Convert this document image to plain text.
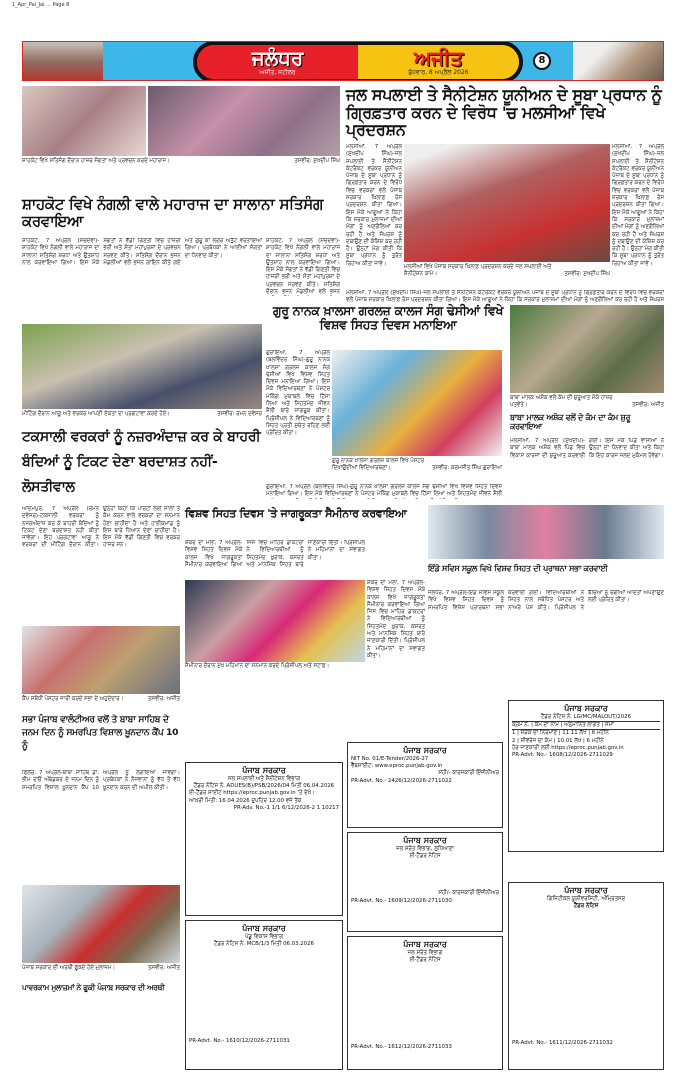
1_Apr_Pal_Jal ... Page 8
ਜਲੰਧਰ
ਅਜੀਤ, ਸਟੀਲਰ
ਅਜੀਤ
ਬੁੱਧਵਾਰ, 8 ਅਪ੍ਰੈਲ 2026
8
ਸ਼ਾਹਕੋਟ ਵਿਖੇ ਸਤਿਸੰਗ ਦੌਰਾਨ ਹਾਜ਼ਰ ਸੰਗਤਾਂ ਅਤੇ ਪ੍ਰਵਚਨ ਕਰਦੇ ਮਹਾਰਾਜ।	ਤਸਵੀਰ: ਸੁਖਦੀਪ ਸਿੰਘ
ਜਲ ਸਪਲਾਈ ਤੇ ਸੈਨੀਟੇਸ਼ਨ ਯੂਨੀਅਨ ਦੇ ਸੂਬਾ ਪ੍ਰਧਾਨ ਨੂੰ ਗ੍ਰਿਫ਼ਤਾਰ ਕਰਨ ਦੇ ਵਿਰੋਧ 'ਚ ਮਲਸੀਆਂ ਵਿਖੇ ਪ੍ਰਦਰਸ਼ਨ
ਮਲਸੀਆਂ, 7 ਅਪ੍ਰੈਲ (ਸੁਖਦੀਪ ਸਿੰਘ)-ਜਲ ਸਪਲਾਈ ਤੇ ਸੈਨੀਟੇਸ਼ਨ ਕੰਟਰੈਕਟ ਵਰਕਰ ਯੂਨੀਅਨ ਪੰਜਾਬ ਦੇ ਸੂਬਾ ਪ੍ਰਧਾਨ ਨੂੰ ਗ੍ਰਿਫ਼ਤਾਰ ਕਰਨ ਦੇ ਵਿਰੋਧ ਵਿਚ ਵਰਕਰਾਂ ਵਲੋਂ ਪੰਜਾਬ ਸਰਕਾਰ ਖ਼ਿਲਾਫ਼ ਰੋਸ ਪ੍ਰਦਰਸ਼ਨ ਕੀਤਾ ਗਿਆ। ਇਸ ਮੌਕੇ ਆਗੂਆਂ ਨੇ ਕਿਹਾ ਕਿ ਸਰਕਾਰ ਮੁਲਾਜ਼ਮਾਂ ਦੀਆਂ ਮੰਗਾਂ ਨੂੰ ਅਣਗੌਲਿਆਂ ਕਰ ਰਹੀ ਹੈ ਅਤੇ ਸੰਘਰਸ਼ ਨੂੰ ਦਬਾਉਣ ਦੀ ਕੋਸ਼ਿਸ਼ ਕਰ ਰਹੀ ਹੈ। ਉਨ੍ਹਾਂ ਮੰਗ ਕੀਤੀ ਕਿ ਸੂਬਾ ਪ੍ਰਧਾਨ ਨੂੰ ਤੁਰੰਤ ਰਿਹਾਅ ਕੀਤਾ ਜਾਵੇ।
ਮਲਸੀਆਂ ਵਿਖੇ ਪੰਜਾਬ ਸਰਕਾਰ ਖ਼ਿਲਾਫ਼ ਪ੍ਰਦਰਸ਼ਨ ਕਰਦੇ ਜਲ ਸਪਲਾਈ ਅਤੇ ਸੈਨੀਟੇਸ਼ਨ ਕਾਮੇ।	ਤਸਵੀਰ: ਸੁਖਦੀਪ ਸਿੰਘ
ਮਲਸੀਆਂ, 7 ਅਪ੍ਰੈਲ (ਸੁਖਦੀਪ ਸਿੰਘ)-ਜਲ ਸਪਲਾਈ ਤੇ ਸੈਨੀਟੇਸ਼ਨ ਕੰਟਰੈਕਟ ਵਰਕਰ ਯੂਨੀਅਨ ਪੰਜਾਬ ਦੇ ਸੂਬਾ ਪ੍ਰਧਾਨ ਨੂੰ ਗ੍ਰਿਫ਼ਤਾਰ ਕਰਨ ਦੇ ਵਿਰੋਧ ਵਿਚ ਵਰਕਰਾਂ ਵਲੋਂ ਪੰਜਾਬ ਸਰਕਾਰ ਖ਼ਿਲਾਫ਼ ਰੋਸ ਪ੍ਰਦਰਸ਼ਨ ਕੀਤਾ ਗਿਆ। ਇਸ ਮੌਕੇ ਆਗੂਆਂ ਨੇ ਕਿਹਾ ਕਿ ਸਰਕਾਰ ਮੁਲਾਜ਼ਮਾਂ ਦੀਆਂ ਮੰਗਾਂ ਨੂੰ ਅਣਗੌਲਿਆਂ ਕਰ ਰਹੀ ਹੈ ਅਤੇ ਸੰਘਰਸ਼ ਨੂੰ ਦਬਾਉਣ ਦੀ ਕੋਸ਼ਿਸ਼ ਕਰ ਰਹੀ ਹੈ। ਉਨ੍ਹਾਂ ਮੰਗ ਕੀਤੀ ਕਿ ਸੂਬਾ ਪ੍ਰਧਾਨ ਨੂੰ ਤੁਰੰਤ ਰਿਹਾਅ ਕੀਤਾ ਜਾਵੇ।
ਮਲਸੀਆਂ, 7 ਅਪ੍ਰੈਲ (ਸੁਖਦੀਪ ਸਿੰਘ)-ਜਲ ਸਪਲਾਈ ਤੇ ਸੈਨੀਟੇਸ਼ਨ ਕੰਟਰੈਕਟ ਵਰਕਰ ਯੂਨੀਅਨ ਪੰਜਾਬ ਦੇ ਸੂਬਾ ਪ੍ਰਧਾਨ ਨੂੰ ਗ੍ਰਿਫ਼ਤਾਰ ਕਰਨ ਦੇ ਵਿਰੋਧ ਵਿਚ ਵਰਕਰਾਂ ਵਲੋਂ ਪੰਜਾਬ ਸਰਕਾਰ ਖ਼ਿਲਾਫ਼ ਰੋਸ ਪ੍ਰਦਰਸ਼ਨ ਕੀਤਾ ਗਿਆ। ਇਸ ਮੌਕੇ ਆਗੂਆਂ ਨੇ ਕਿਹਾ ਕਿ ਸਰਕਾਰ ਮੁਲਾਜ਼ਮਾਂ ਦੀਆਂ ਮੰਗਾਂ ਨੂੰ ਅਣਗੌਲਿਆਂ ਕਰ ਰਹੀ ਹੈ ਅਤੇ ਸੰਘਰਸ਼
ਸ਼ਾਹਕੋਟ ਵਿਖੇ ਨੰਗਲੀ ਵਾਲੇ ਮਹਾਰਾਜ ਦਾ ਸਾਲਾਨਾ ਸਤਿਸੰਗ ਕਰਵਾਇਆ
ਸ਼ਾਹਕੋਟ, 7 ਅਪ੍ਰੈਲ (ਸਚਦੇਵਾ)-ਸ਼ਾਹਕੋਟ ਵਿਖੇ ਨੰਗਲੀ ਵਾਲੇ ਮਹਾਰਾਜ ਦਾ ਸਾਲਾਨਾ ਸਤਿਸੰਗ ਸ਼ਰਧਾ ਅਤੇ ਉਤਸ਼ਾਹ ਨਾਲ ਕਰਵਾਇਆ ਗਿਆ। ਇਸ ਮੌਕੇ ਸੰਗਤਾਂ ਨੇ ਵੱਡੀ ਗਿਣਤੀ ਵਿਚ ਹਾਜ਼ਰੀ ਭਰੀ ਅਤੇ ਸੰਤਾਂ ਮਹਾਂਪੁਰਸ਼ਾਂ ਦੇ ਪ੍ਰਵਚਨ ਸਰਵਣ ਕੀਤੇ। ਸਤਿਸੰਗ ਦੌਰਾਨ ਭਜਨ ਮੰਡਲੀਆਂ ਵਲੋਂ ਭਜਨ ਗਾਇਨ ਕੀਤੇ ਗਏ ਅਤੇ ਗੁਰੂ ਕਾ ਲੰਗਰ ਅਤੁੱਟ ਵਰਤਾਇਆ ਗਿਆ। ਪ੍ਰਬੰਧਕਾਂ ਨੇ ਆਈਆਂ ਸੰਗਤਾਂ ਦਾ ਧੰਨਵਾਦ ਕੀਤਾ।
ਸ਼ਾਹਕੋਟ, 7 ਅਪ੍ਰੈਲ (ਸਚਦੇਵਾ)-ਸ਼ਾਹਕੋਟ ਵਿਖੇ ਨੰਗਲੀ ਵਾਲੇ ਮਹਾਰਾਜ ਦਾ ਸਾਲਾਨਾ ਸਤਿਸੰਗ ਸ਼ਰਧਾ ਅਤੇ ਉਤਸ਼ਾਹ ਨਾਲ ਕਰਵਾਇਆ ਗਿਆ। ਇਸ ਮੌਕੇ ਸੰਗਤਾਂ ਨੇ ਵੱਡੀ ਗਿਣਤੀ ਵਿਚ ਹਾਜ਼ਰੀ ਭਰੀ ਅਤੇ ਸੰਤਾਂ ਮਹਾਂਪੁਰਸ਼ਾਂ ਦੇ ਪ੍ਰਵਚਨ ਸਰਵਣ ਕੀਤੇ। ਸਤਿਸੰਗ ਦੌਰਾਨ ਭਜਨ ਮੰਡਲੀਆਂ ਵਲੋਂ ਭਜਨ
ਗੁਰੂ ਨਾਨਕ ਖ਼ਾਲਸਾ ਗਰਲਜ਼ ਕਾਲਜ ਸੰਗ ਢੇਸੀਆਂ ਵਿਖੇ ਵਿਸ਼ਵ ਸਿਹਤ ਦਿਵਸ ਮਨਾਇਆ
ਗੁਰਾਇਆ, 7 ਅਪ੍ਰੈਲ (ਬਲਵਿੰਦਰ ਸਿੰਘ)-ਗੁਰੂ ਨਾਨਕ ਖ਼ਾਲਸਾ ਗਰਲਜ਼ ਕਾਲਜ ਸੰਗ ਢੇਸੀਆਂ ਵਿਖੇ ਵਿਸ਼ਵ ਸਿਹਤ ਦਿਵਸ ਮਨਾਇਆ ਗਿਆ। ਇਸ ਮੌਕੇ ਵਿਦਿਆਰਥਣਾਂ ਨੇ ਪੋਸਟਰ ਮੇਕਿੰਗ ਮੁਕਾਬਲੇ ਵਿਚ ਹਿੱਸਾ ਲਿਆ ਅਤੇ ਸਿਹਤਮੰਦ ਜੀਵਨ ਸ਼ੈਲੀ ਬਾਰੇ ਜਾਗਰੂਕ ਕੀਤਾ। ਪ੍ਰਿੰਸੀਪਲ ਨੇ ਵਿਦਿਆਰਥਣਾਂ ਨੂੰ ਸਿਹਤ ਪ੍ਰਤੀ ਸੁਚੇਤ ਰਹਿਣ ਲਈ ਪ੍ਰੇਰਿਤ ਕੀਤਾ।
ਗੁਰੂ ਨਾਨਕ ਖ਼ਾਲਸਾ ਗਰਲਜ਼ ਕਾਲਜ ਵਿਖੇ ਪੋਸਟਰ ਦਿਖਾਉਂਦੀਆਂ ਵਿਦਿਆਰਥਣਾਂ।	ਤਸਵੀਰ: ਕਰਮਜੀਤ ਸਿੰਘ ਗੁਰਾਇਆ
ਗੁਰਾਇਆ, 7 ਅਪ੍ਰੈਲ (ਬਲਵਿੰਦਰ ਸਿੰਘ)-ਗੁਰੂ ਨਾਨਕ ਖ਼ਾਲਸਾ ਗਰਲਜ਼ ਕਾਲਜ ਸੰਗ ਢੇਸੀਆਂ ਵਿਖੇ ਵਿਸ਼ਵ ਸਿਹਤ ਦਿਵਸ ਮਨਾਇਆ ਗਿਆ। ਇਸ ਮੌਕੇ ਵਿਦਿਆਰਥਣਾਂ ਨੇ ਪੋਸਟਰ ਮੇਕਿੰਗ ਮੁਕਾਬਲੇ ਵਿਚ ਹਿੱਸਾ ਲਿਆ ਅਤੇ ਸਿਹਤਮੰਦ ਜੀਵਨ ਸ਼ੈਲੀ
ਬਾਬਾ ਮਾਲਕ ਅਸ਼ੋਕ ਵਲੋਂ ਕੰਮ ਦੀ ਸ਼ੁਰੂਆਤ ਮੌਕੇ ਹਾਜ਼ਰ ਪਤਵੰਤੇ।	ਤਸਵੀਰ: ਅਜੀਤ
ਬਾਬਾ ਮਾਲਕ ਅਸ਼ੋਕ ਵਲੋਂ ਦੇ ਕੰਮ ਦਾ ਕੰਮ ਸ਼ੁਰੂ ਕਰਵਾਇਆ
ਮਲਸੀਆਂ, 7 ਅਪ੍ਰੈਲ (ਸੁਖਦੀਪ)-ਬਾਬਾ ਮਾਲਕ ਅਸ਼ੋਕ ਵਲੋਂ ਪਿੰਡ ਵਿਚ ਵਿਕਾਸ ਕਾਰਜਾਂ ਦੀ ਸ਼ੁਰੂਆਤ ਕਰਵਾਈ ਗਈ। ਇਸ ਮੌਕੇ ਪਿੰਡ ਵਾਸੀਆਂ ਨੇ ਉਨ੍ਹਾਂ ਦਾ ਧੰਨਵਾਦ ਕੀਤਾ ਅਤੇ ਕਿਹਾ ਕਿ ਇਹ ਕਾਰਜ ਜਲਦ ਮੁਕੰਮਲ ਹੋਵੇਗਾ।
ਮੀਟਿੰਗ ਦੌਰਾਨ ਆਗੂ ਅਤੇ ਵਰਕਰ ਆਪਣੀ ਏਕਤਾ ਦਾ ਪ੍ਰਗਟਾਵਾ ਕਰਦੇ ਹੋਏ।	ਤਸਵੀਰ: ਰਮਨ ਦਵੇਸਰ
ਟਕਸਾਲੀ ਵਰਕਰਾਂ ਨੂੰ ਨਜ਼ਰਅੰਦਾਜ਼ ਕਰ ਕੇ ਬਾਹਰੀ ਬੰਦਿਆਂ ਨੂੰ ਟਿਕਟ ਦੇਣਾ ਬਰਦਾਸ਼ਤ ਨਹੀਂ-ਲੋਸਤੀਵਾਲ
ਆਦਮਪੁਰ, 7 ਅਪ੍ਰੈਲ (ਰਮਨ ਦਵੇਸਰ)-ਟਕਸਾਲੀ ਵਰਕਰਾਂ ਨੂੰ ਨਜ਼ਰਅੰਦਾਜ਼ ਕਰ ਕੇ ਬਾਹਰੀ ਬੰਦਿਆਂ ਨੂੰ ਟਿਕਟ ਦੇਣਾ ਬਰਦਾਸ਼ਤ ਨਹੀਂ ਕੀਤਾ ਜਾਵੇਗਾ। ਇਹ ਪ੍ਰਗਟਾਵਾ ਆਗੂ ਨੇ ਵਰਕਰਾਂ ਦੀ ਮੀਟਿੰਗ ਦੌਰਾਨ ਕੀਤਾ। ਉਨ੍ਹਾਂ ਕਿਹਾ ਕਿ ਪਾਰਟੀ ਲਈ ਸਾਲਾਂ ਤੋਂ ਕੰਮ ਕਰਨ ਵਾਲੇ ਵਰਕਰਾਂ ਦਾ ਸਨਮਾਨ ਹੋਣਾ ਚਾਹੀਦਾ ਹੈ ਅਤੇ ਹਾਈਕਮਾਂਡ ਨੂੰ ਇਸ ਬਾਰੇ ਧਿਆਨ ਦੇਣਾ ਚਾਹੀਦਾ ਹੈ। ਇਸ ਮੌਕੇ ਵੱਡੀ ਗਿਣਤੀ ਵਿਚ ਵਰਕਰ ਹਾਜ਼ਰ ਸਨ।
ਵਿਸ਼ਵ ਸਿਹਤ ਦਿਵਸ 'ਤੇ ਜਾਗਰੂਕਤਾ ਸੈਮੀਨਾਰ ਕਰਵਾਇਆ
ਸ਼ੰਕਰ ਦਾ ਮੇਲਾ, 7 ਅਪ੍ਰੈਲ-ਵਿਸ਼ਵ ਸਿਹਤ ਦਿਵਸ ਮੌਕੇ ਕਾਲਜ ਵਿਖੇ ਜਾਗਰੂਕਤਾ ਸੈਮੀਨਾਰ ਕਰਵਾਇਆ ਗਿਆ ਜਿਸ ਵਿਚ ਮਾਹਿਰ ਡਾਕਟਰਾਂ ਨੇ ਵਿਦਿਆਰਥੀਆਂ ਨੂੰ ਸਿਹਤਮੰਦ ਖ਼ੁਰਾਕ, ਕਸਰਤ ਅਤੇ ਮਾਨਸਿਕ ਸਿਹਤ ਬਾਰੇ ਜਾਣਕਾਰੀ ਦਿੱਤੀ। ਪ੍ਰਿੰਸੀਪਲ ਨੇ ਮਹਿਮਾਨਾਂ ਦਾ ਸਵਾਗਤ ਕੀਤਾ।
ਸੈਮੀਨਾਰ ਦੌਰਾਨ ਮੁੱਖ ਮਹਿਮਾਨ ਦਾ ਸਨਮਾਨ ਕਰਦੇ ਪ੍ਰਿੰਸੀਪਲ ਅਤੇ ਸਟਾਫ਼।
ਸ਼ੰਕਰ ਦਾ ਮੇਲਾ, 7 ਅਪ੍ਰੈਲ-ਵਿਸ਼ਵ ਸਿਹਤ ਦਿਵਸ ਮੌਕੇ ਕਾਲਜ ਵਿਖੇ ਜਾਗਰੂਕਤਾ ਸੈਮੀਨਾਰ ਕਰਵਾਇਆ ਗਿਆ ਜਿਸ ਵਿਚ ਮਾਹਿਰ ਡਾਕਟਰਾਂ ਨੇ ਵਿਦਿਆਰਥੀਆਂ ਨੂੰ ਸਿਹਤਮੰਦ ਖ਼ੁਰਾਕ, ਕਸਰਤ ਅਤੇ ਮਾਨਸਿਕ ਸਿਹਤ ਬਾਰੇ ਜਾਣਕਾਰੀ ਦਿੱਤੀ। ਪ੍ਰਿੰਸੀਪਲ ਨੇ ਮਹਿਮਾਨਾਂ ਦਾ ਸਵਾਗਤ ਕੀਤਾ।
ਇੰਡੋ ਸਵਿਸ ਸਕੂਲ ਵਿਖੇ ਵਿਸ਼ਵ ਸਿਹਤ ਦੀ ਪ੍ਰਾਥਨਾ ਸਭਾ ਕਰਵਾਈ
ਜਲੰਧਰ, 7 ਅਪ੍ਰੈਲ-ਇੰਡੋ ਸਵਿਸ ਸਕੂਲ ਵਿਖੇ ਵਿਸ਼ਵ ਸਿਹਤ ਦਿਵਸ ਨੂੰ ਸਮਰਪਿਤ ਵਿਸ਼ੇਸ਼ ਪ੍ਰਾਰਥਨਾ ਸਭਾ ਕਰਵਾਈ ਗਈ। ਵਿਦਿਆਰਥੀਆਂ ਨੇ ਸਿਹਤ ਨਾਲ ਸਬੰਧਿਤ ਪੋਸਟਰ ਅਤੇ ਨਾਅਰੇ ਪੇਸ਼ ਕੀਤੇ। ਪ੍ਰਿੰਸੀਪਲ ਨੇ ਬੱਚਿਆਂ ਨੂੰ ਚੰਗੀਆਂ ਆਦਤਾਂ ਅਪਣਾਉਣ ਲਈ ਪ੍ਰੇਰਿਤ ਕੀਤਾ।
ਕੈਂਪ ਸਬੰਧੀ ਪੋਸਟਰ ਜਾਰੀ ਕਰਦੇ ਸਭਾ ਦੇ ਅਹੁਦੇਦਾਰ।	ਤਸਵੀਰ: ਅਜੀਤ
ਸਭਾ ਪੰਜਾਬ ਵਾਲੰਟੀਅਰ ਵਲੋਂ ਤੇ ਬਾਬਾ ਸਾਹਿਬ ਦੇ ਜਨਮ ਦਿਨ ਨੂੰ ਸਮਰਪਿਤ ਵਿਸ਼ਾਲ ਖ਼ੂਨਦਾਨ ਕੈਂਪ 10 ਨੂੰ
ਫਿਲੌਰ, 7 ਅਪ੍ਰੈਲ-ਬਾਬਾ ਸਾਹਿਬ ਡਾ. ਭੀਮ ਰਾਓ ਅੰਬੇਡਕਰ ਦੇ ਜਨਮ ਦਿਨ ਨੂੰ ਸਮਰਪਿਤ ਵਿਸ਼ਾਲ ਖ਼ੂਨਦਾਨ ਕੈਂਪ 10 ਅਪ੍ਰੈਲ ਨੂੰ ਲਗਾਇਆ ਜਾਵੇਗਾ। ਪ੍ਰਬੰਧਕਾਂ ਨੇ ਨੌਜਵਾਨਾਂ ਨੂੰ ਵੱਧ ਤੋਂ ਵੱਧ ਖ਼ੂਨਦਾਨ ਕਰਨ ਦੀ ਅਪੀਲ ਕੀਤੀ।
ਪੰਜਾਬ ਸਰਕਾਰ ਦੀ ਅਰਥੀ ਫੂਕਦੇ ਹੋਏ ਮੁਲਾਜ਼ਮ।	ਤਸਵੀਰ: ਅਜੀਤ
ਪਾਵਰਕਾਮ ਮੁਲਾਜ਼ਮਾਂ ਨੇ ਫੂਕੀ ਪੰਜਾਬ ਸਰਕਾਰ ਦੀ ਅਰਥੀ
ਪੰਜਾਬ ਸਰਕਾਰ
ਜਲ ਸਪਲਾਈ ਅਤੇ ਸੈਨੀਟੇਸ਼ਨ ਵਿਭਾਗ
ਟੈਂਡਰ ਨੋਟਿਸ ਨੰ. ADUES(B)/PSB/2026/04 ਮਿਤੀ 06.04.2026
ਈ-ਟੈਂਡਰ ਸਾਈਟ https://eproc.punjab.gov.in 'ਤੇ ਦੇਖੋ।
ਆਖ਼ਰੀ ਮਿਤੀ: 16.04.2026 ਦੁਪਹਿਰ 12.00 ਵਜੇ ਤੱਕ
PR-Adv. No.-1 1/1 6/12/2026-2 1 10217
ਪੰਜਾਬ ਸਰਕਾਰ
ਪੇਂਡੂ ਵਿਕਾਸ ਵਿਭਾਗ
ਟੈਂਡਰ ਨੋਟਿਸ ਨੰ. MCB/1/3 ਮਿਤੀ 06.03.2026
PR-Advt. No.- 1610/12/2026-2711031
ਪੰਜਾਬ ਸਰਕਾਰ
NIT No. 01/E-Tender/2026-27
ਵੈੱਬਸਾਈਟ: www.eproc.punjab.gov.in
ਸਹੀ/- ਕਾਰਜਕਾਰੀ ਇੰਜੀਨੀਅਰ
PR-Advt. No.- 2426/12/2026-2711022
ਪੰਜਾਬ ਸਰਕਾਰ
ਜਲ ਸਰੋਤ ਵਿਭਾਗ, ਲੁਧਿਆਣਾ
ਈ-ਟੈਂਡਰ ਨੋਟਿਸ
ਸਹੀ/- ਕਾਰਜਕਾਰੀ ਇੰਜੀਨੀਅਰ
PR-Advt. No.- 1609/12/2026-2711030
ਪੰਜਾਬ ਸਰਕਾਰ
ਜਲ ਸਰੋਤ ਵਿਭਾਗ
ਈ-ਟੈਂਡਰ ਨੋਟਿਸ
PR-Advt. No.- 1612/12/2026-2711033
ਪੰਜਾਬ ਸਰਕਾਰ
ਟੈਂਡਰ ਨੋਟਿਸ ਨੰ. LG/MC/MALOUT/2026
ਕ੍ਰਮ ਨੰ. | ਕੰਮ ਦਾ ਨਾਮ | ਅਨੁਮਾਨਿਤ ਲਾਗਤ | ਸਮਾਂ
1 | ਸੜਕ ਦਾ ਨਿਰਮਾਣ | 11.11 ਲੱਖ | 6 ਮਹੀਨੇ
2 | ਸੀਵਰੇਜ ਦਾ ਕੰਮ | 10.01 ਲੱਖ | 6 ਮਹੀਨੇ
ਹੋਰ ਜਾਣਕਾਰੀ ਲਈ https://eproc.punjab.gov.in
PR-Advt. No.- 1608/12/2026-2711029
ਪੰਜਾਬ ਸਰਕਾਰ
ਗਿਜ਼ਿਟੀਕਲ ਯੂਨੀਵਰਸਿਟੀ, ਅੰਮ੍ਰਿਤਸਰ
ਟੈਂਡਰ ਨੋਟਿਸ
PR-Advt. No.- 1611/12/2026-2711032
